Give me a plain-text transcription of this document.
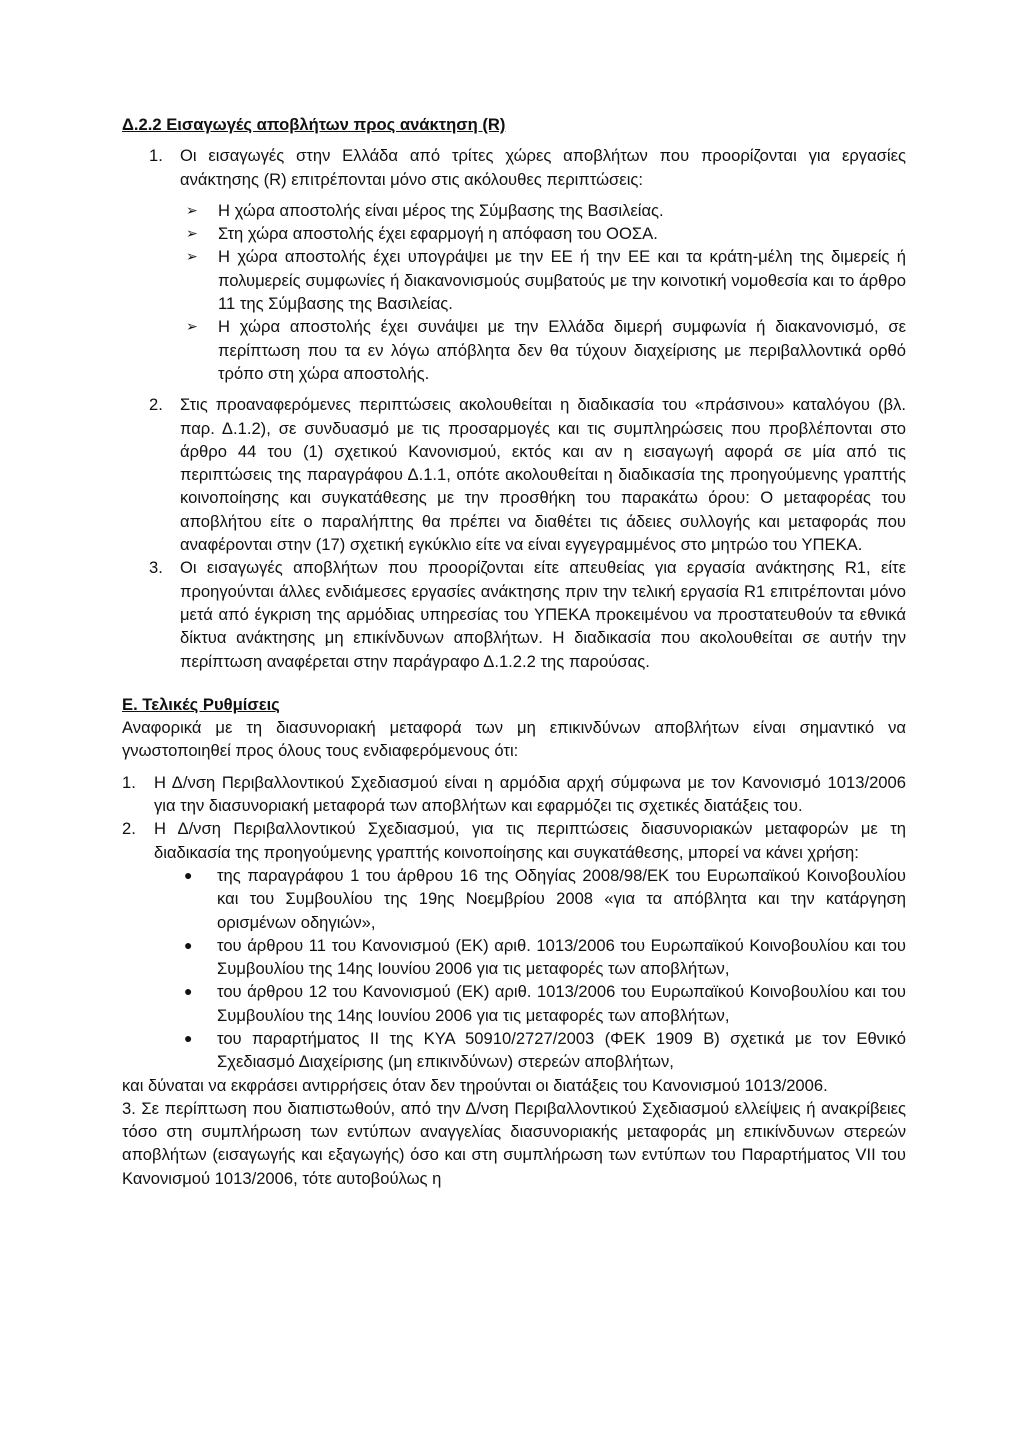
Δ.2.2 Εισαγωγές αποβλήτων προς ανάκτηση (R)

1. Οι εισαγωγές στην Ελλάδα από τρίτες χώρες αποβλήτων που προορίζονται για εργασίες ανάκτησης (R) επιτρέπονται μόνο στις ακόλουθες περιπτώσεις:
➢ Η χώρα αποστολής είναι μέρος της Σύμβασης της Βασιλείας.
➢ Στη χώρα αποστολής έχει εφαρμογή η απόφαση του ΟΟΣΑ.
➢ Η χώρα αποστολής έχει υπογράψει με την ΕΕ ή την ΕΕ και τα κράτη-μέλη της διμερείς ή πολυμερείς συμφωνίες ή διακανονισμούς συμβατούς με την κοινοτική νομοθεσία και το άρθρο 11 της Σύμβασης της Βασιλείας.
➢ Η χώρα αποστολής έχει συνάψει με την Ελλάδα διμερή συμφωνία ή διακανονισμό, σε περίπτωση που τα εν λόγω απόβλητα δεν θα τύχουν διαχείρισης με περιβαλλοντικά ορθό τρόπο στη χώρα αποστολής.
2. Στις προαναφερόμενες περιπτώσεις ακολουθείται η διαδικασία του «πράσινου» καταλόγου (βλ. παρ. Δ.1.2), σε συνδυασμό με τις προσαρμογές και τις συμπληρώσεις που προβλέπονται στο άρθρο 44 του (1) σχετικού Κανονισμού, εκτός και αν η εισαγωγή αφορά σε μία από τις περιπτώσεις της παραγράφου Δ.1.1, οπότε ακολουθείται η διαδικασία της προηγούμενης γραπτής κοινοποίησης και συγκατάθεσης με την προσθήκη του παρακάτω όρου: Ο μεταφορέας του αποβλήτου είτε ο παραλήπτης θα πρέπει να διαθέτει τις άδειες συλλογής και μεταφοράς που αναφέρονται στην (17) σχετική εγκύκλιο είτε να είναι εγγεγραμμένος στο μητρώο του ΥΠΕΚΑ.
3. Οι εισαγωγές αποβλήτων που προορίζονται είτε απευθείας για εργασία ανάκτησης R1, είτε προηγούνται άλλες ενδιάμεσες εργασίες ανάκτησης πριν την τελική εργασία R1 επιτρέπονται μόνο μετά από έγκριση της αρμόδιας υπηρεσίας του ΥΠΕΚΑ προκειμένου να προστατευθούν τα εθνικά δίκτυα ανάκτησης μη επικίνδυνων αποβλήτων. Η διαδικασία που ακολουθείται σε αυτήν την περίπτωση αναφέρεται στην παράγραφο Δ.1.2.2 της παρούσας.

Ε. Τελικές Ρυθμίσεις

Αναφορικά με τη διασυνοριακή μεταφορά των μη επικινδύνων αποβλήτων είναι σημαντικό να γνωστοποιηθεί προς όλους τους ενδιαφερόμενους ότι:
1. Η Δ/νση Περιβαλλοντικού Σχεδιασμού είναι η αρμόδια αρχή σύμφωνα με τον Κανονισμό 1013/2006 για την διασυνοριακή μεταφορά των αποβλήτων και εφαρμόζει τις σχετικές διατάξεις του.
2. Η Δ/νση Περιβαλλοντικού Σχεδιασμού, για τις περιπτώσεις διασυνοριακών μεταφορών με τη διαδικασία της προηγούμενης γραπτής κοινοποίησης και συγκατάθεσης, μπορεί να κάνει χρήση:
● της παραγράφου 1 του άρθρου 16 της Οδηγίας 2008/98/ΕΚ του Ευρωπαϊκού Κοινοβουλίου και του Συμβουλίου της 19ης Νοεμβρίου 2008 «για τα απόβλητα και την κατάργηση ορισμένων οδηγιών»,
● του άρθρου 11 του Κανονισμού (ΕΚ) αριθ. 1013/2006 του Ευρωπαϊκού Κοινοβουλίου και του Συμβουλίου της 14ης Ιουνίου 2006 για τις μεταφορές των αποβλήτων,
● του άρθρου 12 του Κανονισμού (ΕΚ) αριθ. 1013/2006 του Ευρωπαϊκού Κοινοβουλίου και του Συμβουλίου της 14ης Ιουνίου 2006 για τις μεταφορές των αποβλήτων,
● του παραρτήματος ΙΙ της ΚΥΑ 50910/2727/2003 (ΦΕΚ 1909 Β) σχετικά με τον Εθνικό Σχεδιασμό Διαχείρισης (μη επικινδύνων) στερεών αποβλήτων,
και δύναται να εκφράσει αντιρρήσεις όταν δεν τηρούνται οι διατάξεις του Κανονισμού 1013/2006.
3. Σε περίπτωση που διαπιστωθούν, από την Δ/νση Περιβαλλοντικού Σχεδιασμού ελλείψεις ή ανακρίβειες τόσο στη συμπλήρωση των εντύπων αναγγελίας διασυνοριακής μεταφοράς μη επικίνδυνων στερεών αποβλήτων (εισαγωγής και εξαγωγής) όσο και στη συμπλήρωση των εντύπων του Παραρτήματος VII του Κανονισμού 1013/2006, τότε αυτοβούλως η
